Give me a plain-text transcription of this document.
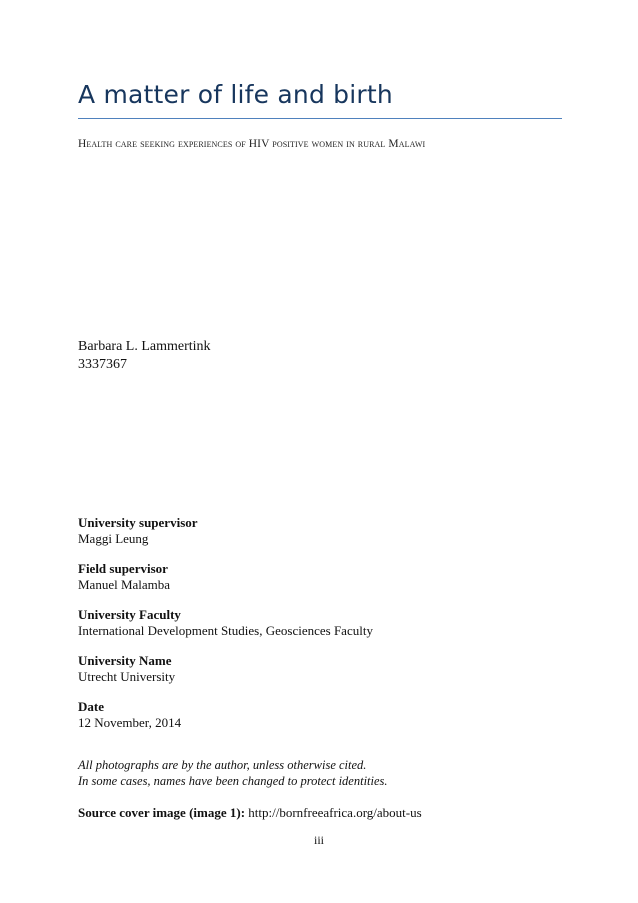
A matter of life and birth
Health care seeking experiences of HIV positive women in rural Malawi
Barbara L. Lammertink
3337367
University supervisor
Maggi Leung
Field supervisor
Manuel Malamba
University Faculty
International Development Studies, Geosciences Faculty
University Name
Utrecht University
Date
12 November, 2014
All photographs are by the author, unless otherwise cited.
In some cases, names have been changed to protect identities.
Source cover image (image 1): http://bornfreeafrica.org/about-us
iii
